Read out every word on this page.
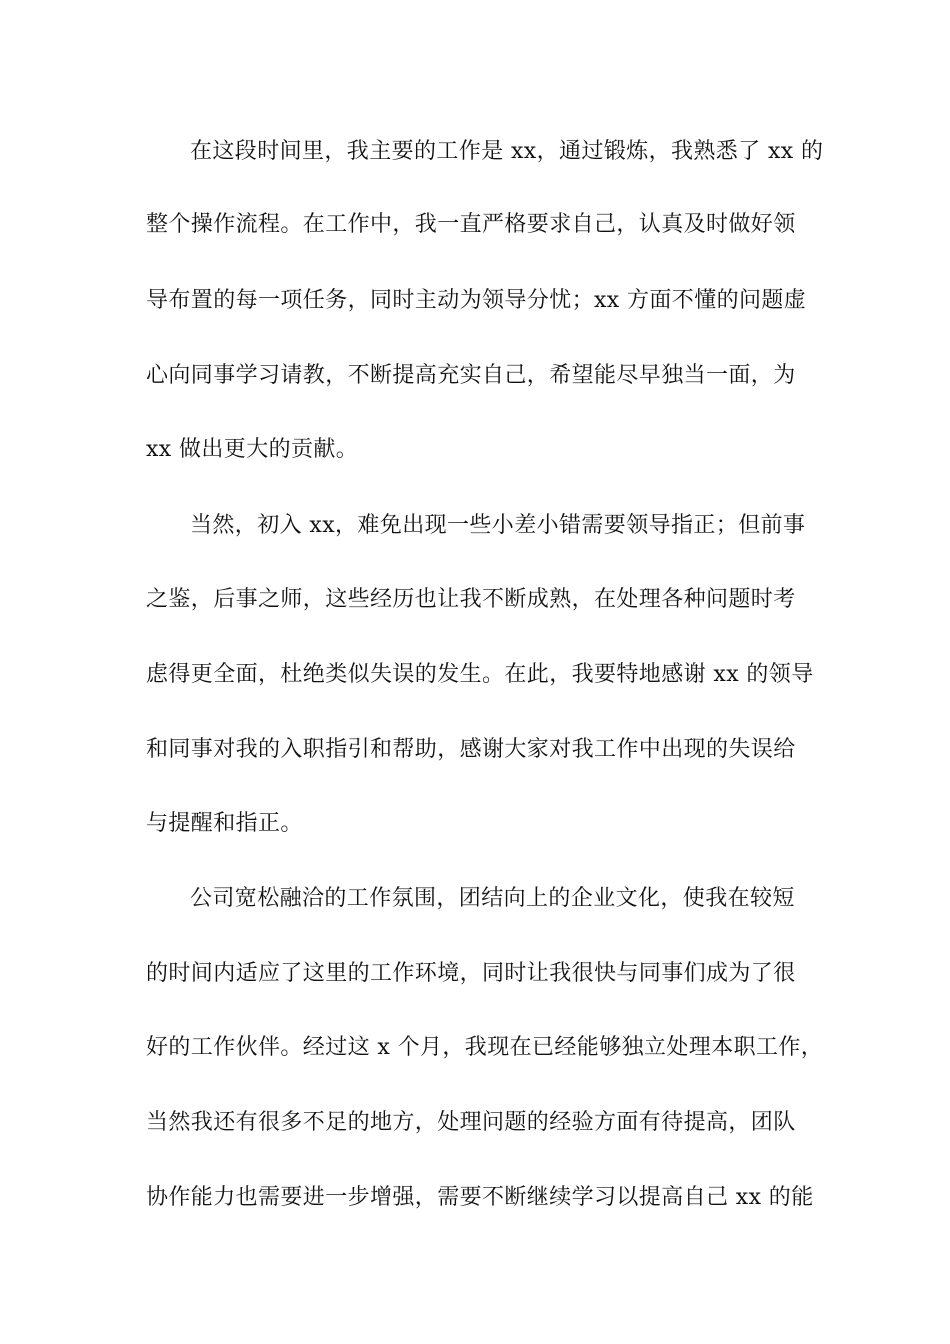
在这段时间里，我主要的工作是 xx，通过锻炼，我熟悉了 xx 的
整个操作流程。在工作中，我一直严格要求自己，认真及时做好领
导布置的每一项任务，同时主动为领导分忧；xx 方面不懂的问题虚
心向同事学习请教，不断提高充实自己，希望能尽早独当一面，为
xx 做出更大的贡献。
当然，初入 xx，难免出现一些小差小错需要领导指正；但前事
之鉴，后事之师，这些经历也让我不断成熟，在处理各种问题时考
虑得更全面，杜绝类似失误的发生。在此，我要特地感谢 xx 的领导
和同事对我的入职指引和帮助，感谢大家对我工作中出现的失误给
与提醒和指正。
公司宽松融洽的工作氛围，团结向上的企业文化，使我在较短
的时间内适应了这里的工作环境，同时让我很快与同事们成为了很
好的工作伙伴。经过这 x 个月，我现在已经能够独立处理本职工作，
当然我还有很多不足的地方，处理问题的经验方面有待提高，团队
协作能力也需要进一步增强，需要不断继续学习以提高自己 xx 的能
